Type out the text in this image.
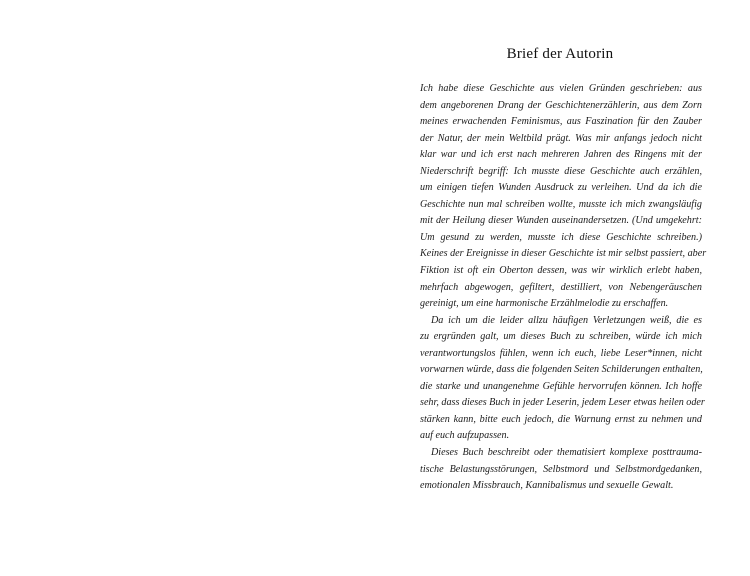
Brief der Autorin
Ich habe diese Geschichte aus vielen Gründen geschrieben: aus
dem angeborenen Drang der Geschichtenerzählerin, aus dem Zorn
meines erwachenden Feminismus, aus Faszination für den Zauber
der Natur, der mein Weltbild prägt. Was mir anfangs jedoch nicht
klar war und ich erst nach mehreren Jahren des Ringens mit der
Niederschrift begriff: Ich musste diese Geschichte auch erzählen,
um einigen tiefen Wunden Ausdruck zu verleihen. Und da ich die
Geschichte nun mal schreiben wollte, musste ich mich zwangsläufig
mit der Heilung dieser Wunden auseinandersetzen. (Und umgekehrt:
Um gesund zu werden, musste ich diese Geschichte schreiben.)
Keines der Ereignisse in dieser Geschichte ist mir selbst passiert, aber
Fiktion ist oft ein Oberton dessen, was wir wirklich erlebt haben,
mehrfach abgewogen, gefiltert, destilliert, von Nebengeräuschen
gereinigt, um eine harmonische Erzählmelodie zu erschaffen.
Da ich um die leider allzu häufigen Verletzungen weiß, die es
zu ergründen galt, um dieses Buch zu schreiben, würde ich mich
verantwortungslos fühlen, wenn ich euch, liebe Leser*innen, nicht
vorwarnen würde, dass die folgenden Seiten Schilderungen enthalten,
die starke und unangenehme Gefühle hervorrufen können. Ich hoffe
sehr, dass dieses Buch in jeder Leserin, jedem Leser etwas heilen oder
stärken kann, bitte euch jedoch, die Warnung ernst zu nehmen und
auf euch aufzupassen.
Dieses Buch beschreibt oder thematisiert komplexe posttrauma-
tische Belastungsstörungen, Selbstmord und Selbstmordgedanken,
emotionalen Missbrauch, Kannibalismus und sexuelle Gewalt.
